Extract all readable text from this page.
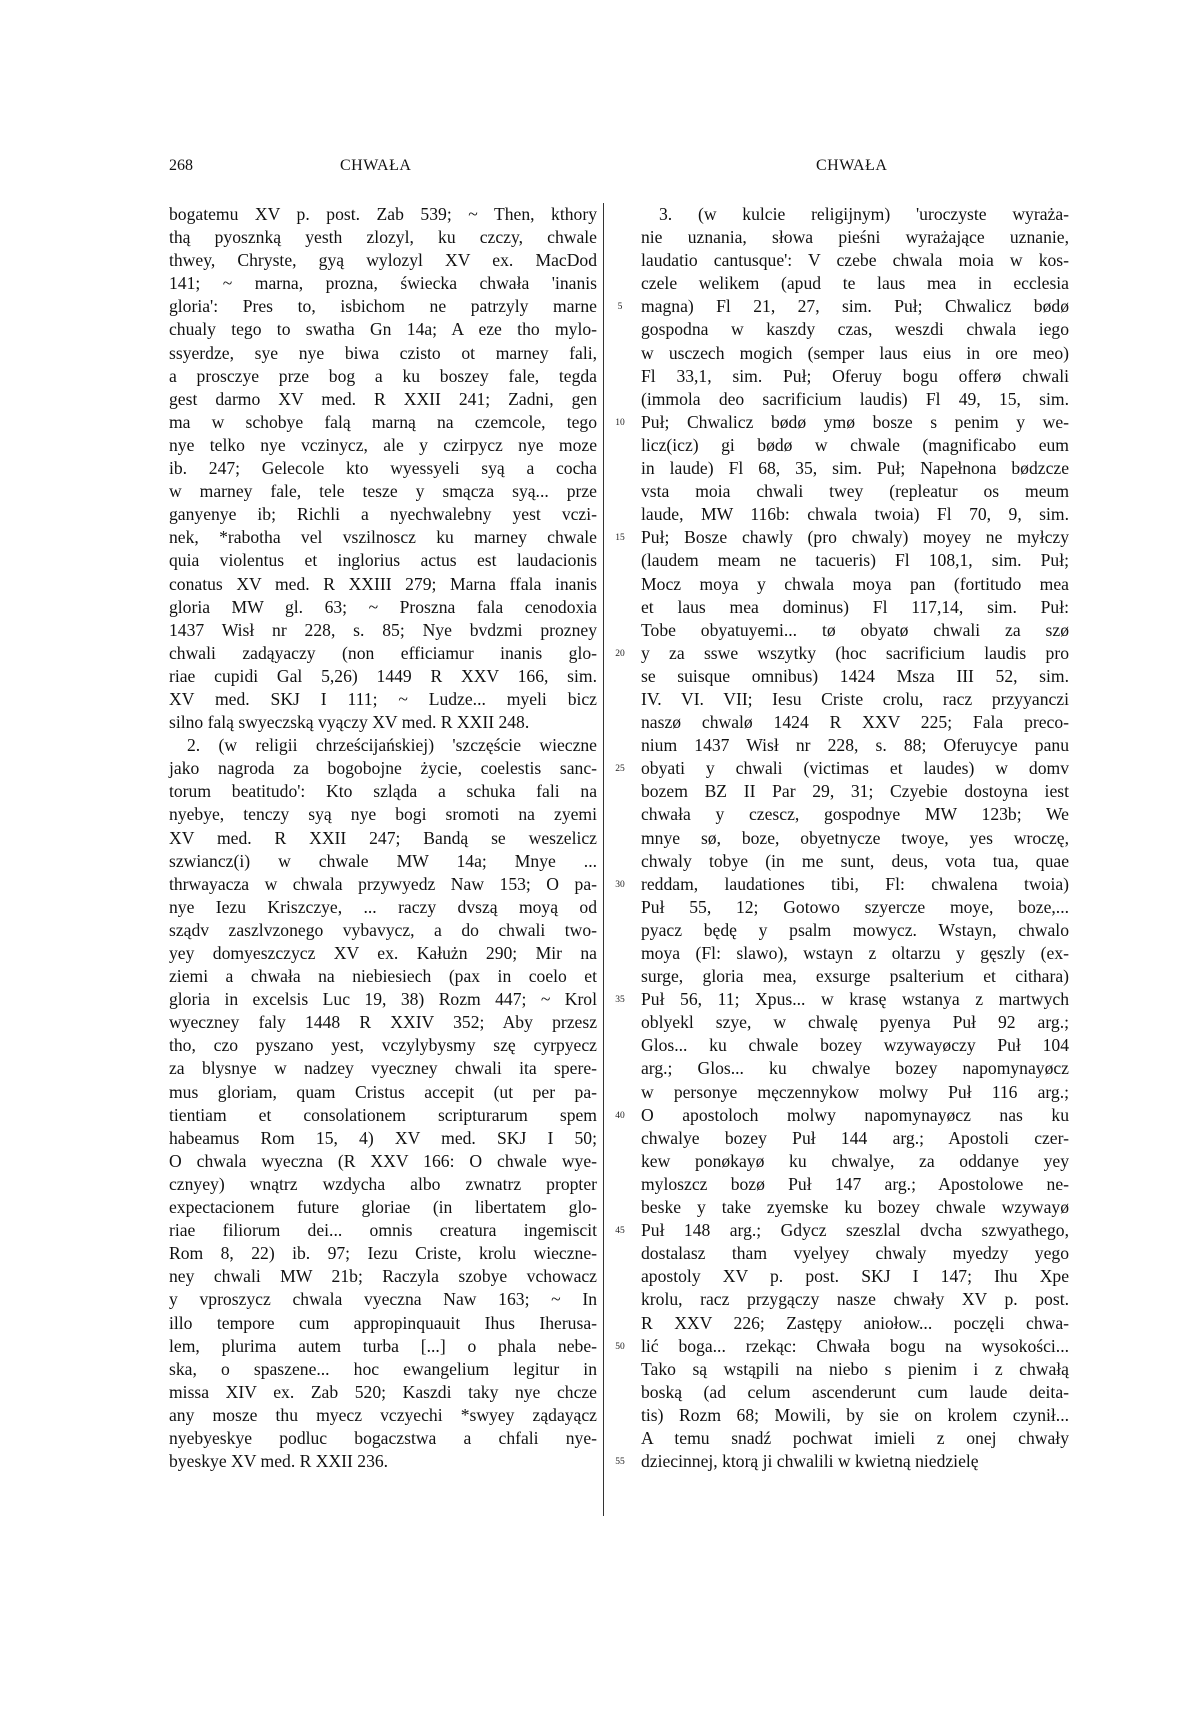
268	CHWAŁA	CHWAŁA
bogatemu XV p. post. Zab 539; ~ Then, kthory
thą pyosznką yesth zlozyl, ku czczy, chwale
thwey, Chryste, gyą wylozyl XV ex. MacDod
141; ~ marna, prozna, świecka chwała 'inanis
gloria': Pres to, isbichom ne patrzyly marne
chualy tego to swatha Gn 14a; A eze tho mylo-
ssyerdze, sye nye biwa czisto ot marney fali,
a prosczye prze bog a ku boszey fale, tegda
gest darmo XV med. R XXII 241; Zadni, gen
ma w schobye falą marną na czemcole, tego
nye telko nye vczinycz, ale y czirpycz nye moze
ib. 247; Gelecole kto wyessyeli syą a cocha
w marney fale, tele tesze y smącza syą... prze
ganyenye ib; Richli a nyechwalebny yest vczi-
nek, *rabotha vel vszilnoscz ku marney chwale
quia violentus et inglorius actus est laudacionis
conatus XV med. R XXIII 279; Marna ffala inanis
gloria MW gl. 63; ~ Proszna fala cenodoxia
1437 Wisł nr 228, s. 85; Nye bvdzmi prozney
chwali zadąyaczy (non efficiamur inanis glo-
riae cupidi Gal 5,26) 1449 R XXV 166, sim.
XV med. SKJ I 111; ~ Ludze... myeli bicz
silno falą swyeczską vyączy XV med. R XXII 248.
2. (w religii chrześcijańskiej) 'szczęście wieczne
jako nagroda za bogobojne życie, coelestis sanc-
torum beatitudo': Kto szląda a schuka fali na
nyebye, tenczy syą nye bogi sromoti na zyemi
XV med. R XXII 247; Bandą se weszelicz
szwiancz(i) w chwale MW 14a; Mnye ...
thrwayacza w chwala przywyedz Naw 153; O pa-
nye Iezu Kriszczye, ... raczy dvszą moyą od
sządv zaszlvzonego vybavycz, a do chwali two-
yey domyeszczycz XV ex. Kałużn 290; Mir na
ziemi a chwała na niebiesiech (pax in coelo et
gloria in excelsis Luc 19, 38) Rozm 447; ~ Krol
wyeczney faly 1448 R XXIV 352; Aby przesz
tho, czo pyszano yest, vczylybysmy szę cyrpyecz
za blysnye w nadzey vyeczney chwali ita spere-
mus gloriam, quam Cristus accepit (ut per pa-
tientiam et consolationem scripturarum spem
habeamus Rom 15, 4) XV med. SKJ I 50;
O chwala wyeczna (R XXV 166: O chwale wye-
cznyey) wnątrz wzdycha albo zwnatrz propter
expectacionem future gloriae (in libertatem glo-
riae filiorum dei... omnis creatura ingemiscit
Rom 8, 22) ib. 97; Iezu Criste, krolu wieczne-
ney chwali MW 21b; Raczyla szobye vchowacz
y vproszycz chwala vyeczna Naw 163; ~ In
illo tempore cum appropinquauit Ihus Iherusa-
lem, plurima autem turba [...] o phala nebe-
ska, o spaszene... hoc ewangelium legitur in
missa XIV ex. Zab 520; Kaszdi taky nye chcze
any mosze thu myecz vczyechi *swyey ządayącz
nyebyeskye podluc bogaczstwa a chfali nye-
byeskye XV med. R XXII 236.
5
10
15
20
25
30
35
40
45
50
55
3. (w kulcie religijnym) 'uroczyste wyraża-
nie uznania, słowa pieśni wyrażające uznanie,
laudatio cantusque': V czebe chwala moia w kos-
czele welikem (apud te laus mea in ecclesia
magna) Fl 21, 27, sim. Puł; Chwalicz bødø
gospodna w kaszdy czas, weszdi chwala iego
w usczech mogich (semper laus eius in ore meo)
Fl 33,1, sim. Puł; Oferuy bogu offerø chwali
(immola deo sacrificium laudis) Fl 49, 15, sim.
Puł; Chwalicz bødø ymø bosze s penim y we-
licz(icz) gi bødø w chwale (magnificabo eum
in laude) Fl 68, 35, sim. Puł; Napełnona bødzcze
vsta moia chwali twey (repleatur os meum
laude, MW 116b: chwala twoia) Fl 70, 9, sim.
Puł; Bosze chawly (pro chwaly) moyey ne myłczy
(laudem meam ne tacueris) Fl 108,1, sim. Puł;
Mocz moya y chwala moya pan (fortitudo mea
et laus mea dominus) Fl 117,14, sim. Puł:
Tobe obyatuyemi... tø obyatø chwali za szø
y za sswe wszytky (hoc sacrificium laudis pro
se suisque omnibus) 1424 Msza III 52, sim.
IV. VI. VII; Iesu Criste crolu, racz przyyanczi
naszø chwalø 1424 R XXV 225; Fala preco-
nium 1437 Wisł nr 228, s. 88; Oferuycye panu
obyati y chwali (victimas et laudes) w domv
bozem BZ II Par 29, 31; Czyebie dostoyna iest
chwała y czescz, gospodnye MW 123b; We
mnye sø, boze, obyetnycze twoye, yes wroczę,
chwaly tobye (in me sunt, deus, vota tua, quae
reddam, laudationes tibi, Fl: chwalena twoia)
Puł 55, 12; Gotowo szyercze moye, boze,...
pyacz będę y psalm mowycz. Wstayn, chwalo
moya (Fl: slawo), wstayn z oltarzu y gęszly (ex-
surge, gloria mea, exsurge psalterium et cithara)
Puł 56, 11; Xpus... w krasę wstanya z martwych
oblyekl szye, w chwalę pyenya Puł 92 arg.;
Glos... ku chwale bozey wzywayøczy Puł 104
arg.; Glos... ku chwalye bozey napomynayøcz
w personye męczennykow molwy Puł 116 arg.;
O apostoloch molwy napomynayøcz nas ku
chwalye bozey Puł 144 arg.; Apostoli czer-
kew ponøkayø ku chwalye, za oddanye yey
myloszcz bozø Puł 147 arg.; Apostolowe ne-
beske y take zyemske ku bozey chwale wzywayø
Puł 148 arg.; Gdycz szeszlal dvcha szwyathego,
dostalasz tham vyelyey chwaly myedzy yego
apostoly XV p. post. SKJ I 147; Ihu Xpe
krolu, racz przygączy nasze chwały XV p. post.
R XXV 226; Zastępy aniołow... poczęli chwa-
lić boga... rzekąc: Chwała bogu na wysokości...
Tako są wstąpili na niebo s pienim i z chwałą
boską (ad celum ascenderunt cum laude deita-
tis) Rozm 68; Mowili, by sie on krolem czynił...
A temu snadź pochwat imieli z onej chwały
dziecinnej, ktorą ji chwalili w kwietną niedzielę
